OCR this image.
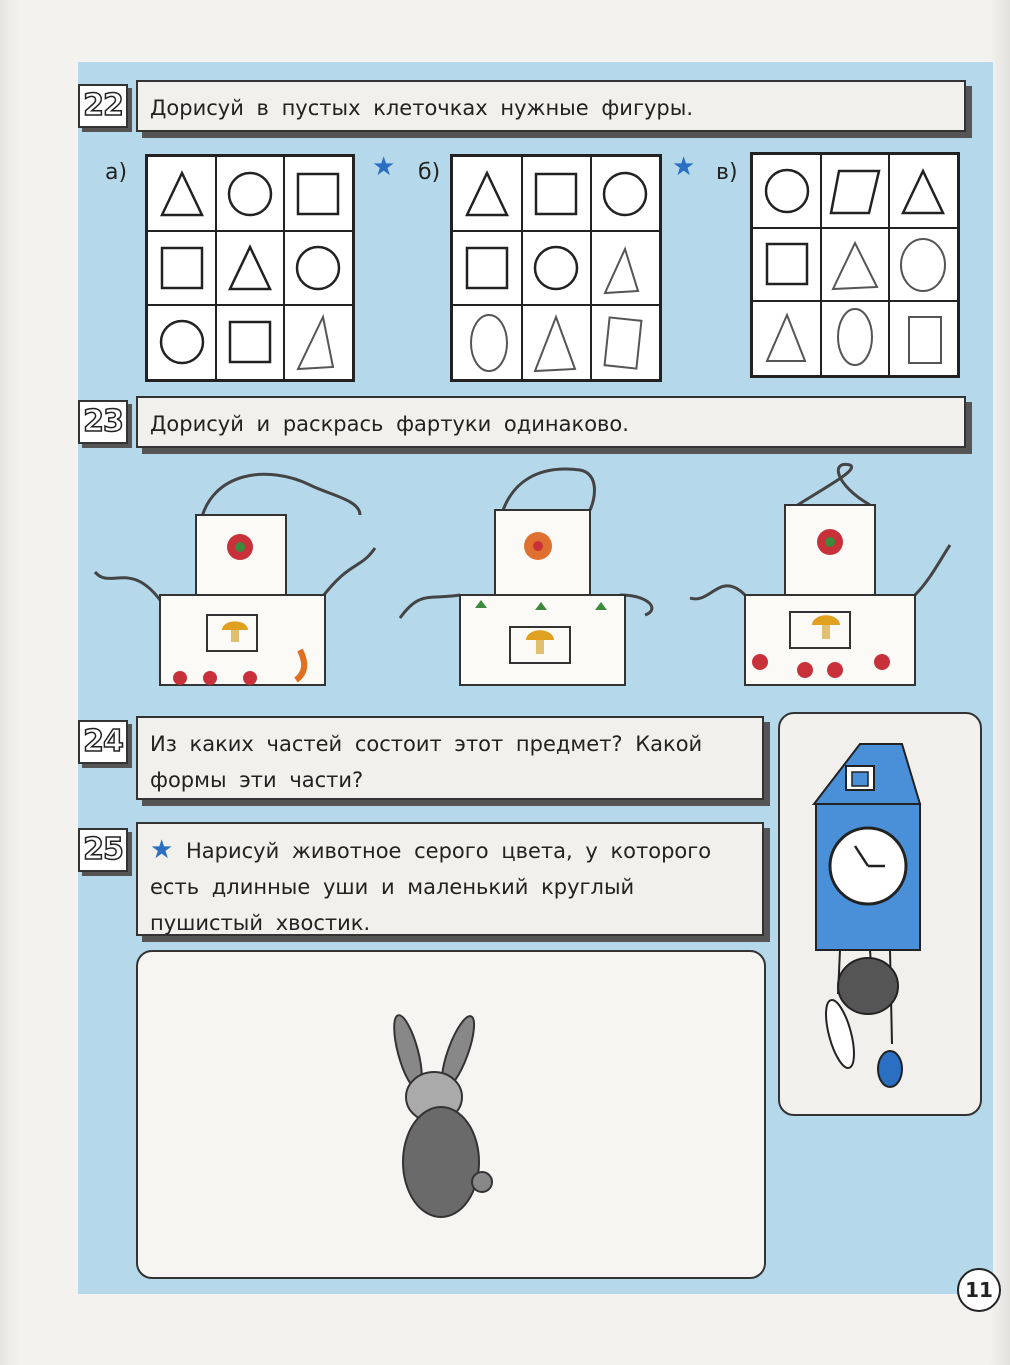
22	Дорисуй в пустых клеточках нужные фигуры.
а)	★ б)	★ в)
23	Дорисуй и раскрась фартуки одинаково.
24	Из каких частей состоит этот предмет? Какой формы эти части?
25	★ Нарисуй животное серого цвета, у которого есть длинные уши и маленький круглый пушистый хвостик.
11
